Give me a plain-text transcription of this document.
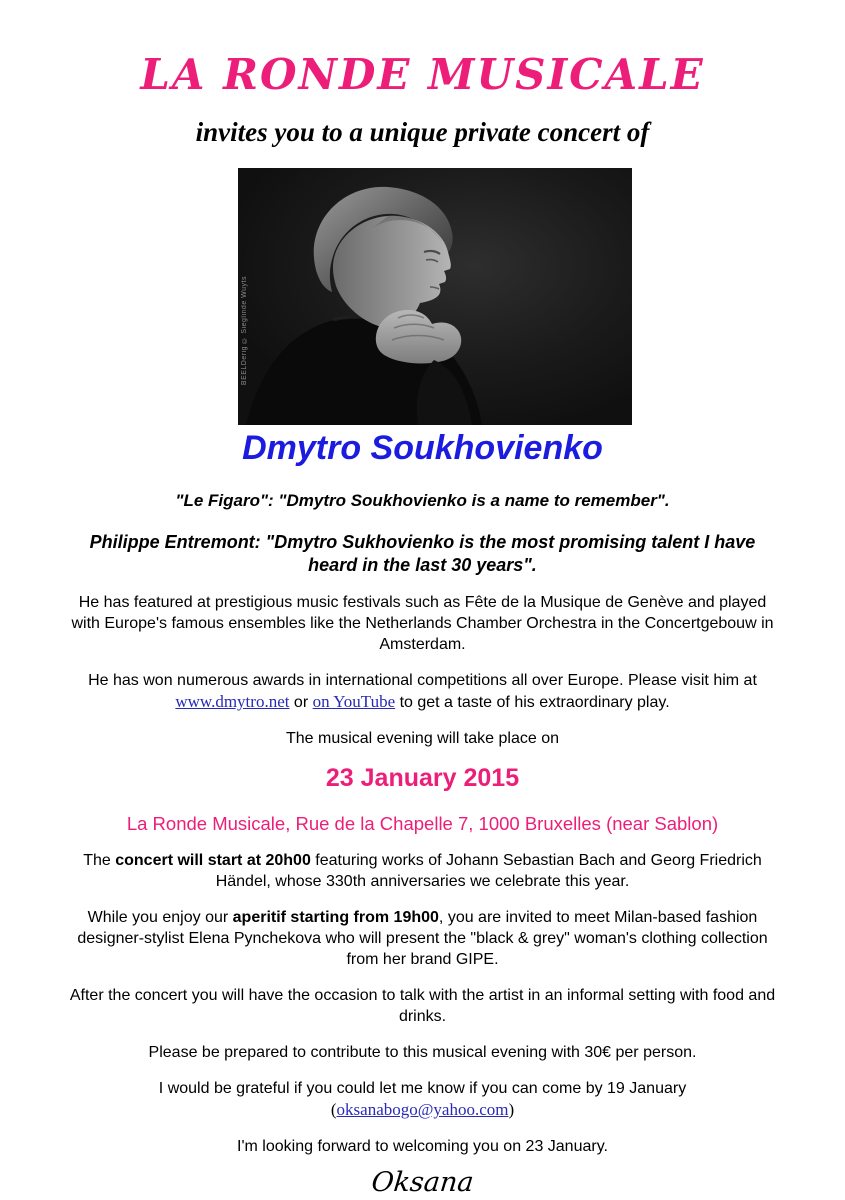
LA RONDE MUSICALE
invites you to a unique private concert of
BEELDerig © Sieglinde Wuyts
Dmytro Soukhovienko
"Le Figaro": "Dmytro Soukhovienko is a name to remember".
Philippe Entremont: "Dmytro Sukhovienko is the most promising talent I have heard in the last 30 years".
He has featured at prestigious music festivals such as Fête de la Musique de Genève and played with Europe's famous ensembles like the Netherlands Chamber Orchestra in the Concertgebouw in Amsterdam.
He has won numerous awards in international competitions all over Europe. Please visit him at www.dmytro.net or on YouTube to get a taste of his extraordinary play.
The musical evening will take place on
23 January 2015
La Ronde Musicale, Rue de la Chapelle 7, 1000 Bruxelles (near Sablon)
The concert will start at 20h00 featuring works of Johann Sebastian Bach and Georg Friedrich Händel, whose 330th anniversaries we celebrate this year.
While you enjoy our aperitif starting from 19h00, you are invited to meet Milan-based fashion designer-stylist Elena Pynchekova who will present the "black & grey" woman's clothing collection from her brand GIPE.
After the concert you will have the occasion to talk with the artist in an informal setting with food and drinks.
Please be prepared to contribute to this musical evening with 30€ per person.
I would be grateful if you could let me know if you can come by 19 January
(oksanabogo@yahoo.com)
I'm looking forward to welcoming you on 23 January.
Oksana
